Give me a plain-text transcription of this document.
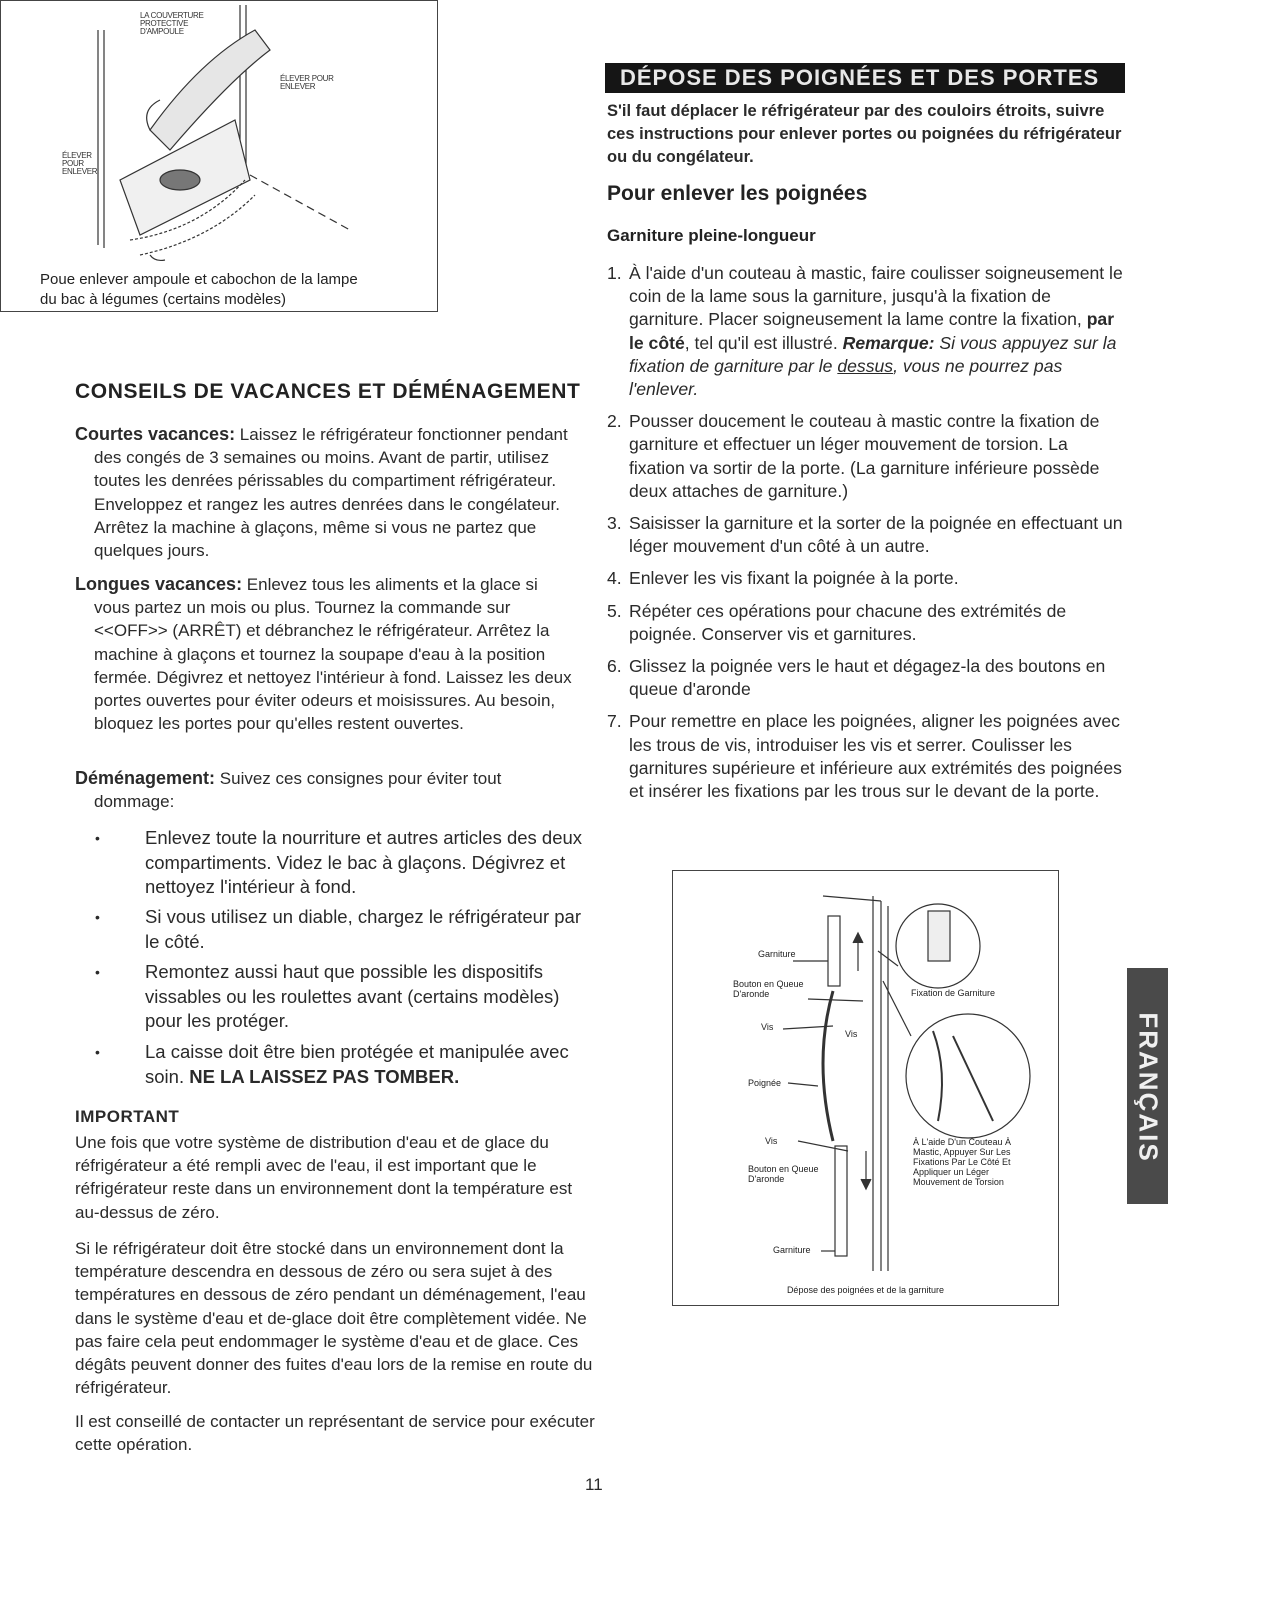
LA COUVERTURE PROTECTIVE D'AMPOULE
ÉLEVER POUR ENLEVER
ÉLEVER POUR ENLEVER
Poue enlever ampoule et cabochon de la lampe
du bac à légumes (certains modèles)
CONSEILS DE VACANCES ET DÉMÉNAGEMENT

Courtes vacances: Laissez le réfrigérateur fonctionner pendant des congés de 3 semaines ou moins. Avant de partir, utilisez toutes les denrées périssables du compartiment réfrigérateur. Enveloppez et rangez les autres denrées dans le congélateur. Arrêtez la machine à glaçons, même si vous ne partez que quelques jours.

Longues vacances: Enlevez tous les aliments et la glace si vous partez un mois ou plus. Tournez la commande sur <<OFF>> (ARRÊT) et débranchez le réfrigérateur. Arrêtez la machine à glaçons et tournez la soupape d'eau à la position fermée. Dégivrez et nettoyez l'intérieur à fond. Laissez les deux portes ouvertes pour éviter odeurs et moisissures. Au besoin, bloquez les portes pour qu'elles restent ouvertes.

Déménagement: Suivez ces consignes pour éviter tout dommage:

• Enlevez toute la nourriture et autres articles des deux compartiments. Videz le bac à glaçons. Dégivrez et nettoyez l'intérieur à fond.
• Si vous utilisez un diable, chargez le réfrigérateur par le côté.
• Remontez aussi haut que possible les dispositifs vissables ou les roulettes avant (certains modèles) pour les protéger.
• La caisse doit être bien protégée et manipulée avec soin. NE LA LAISSEZ PAS TOMBER.
IMPORTANT
Une fois que votre système de distribution d'eau et de glace du réfrigérateur a été rempli avec de l'eau, il est important que le réfrigérateur reste dans un environnement dont la température est au-dessus de zéro.
Si le réfrigérateur doit être stocké dans un environnement dont la température descendra en dessous de zéro ou sera sujet à des températures en dessous de zéro pendant un déménagement, l'eau dans le système d'eau et de-glace doit être complètement vidée. Ne pas faire cela peut endommager le système d'eau et de glace. Ces dégâts peuvent donner des fuites d'eau lors de la remise en route du réfrigérateur.
Il est conseillé de contacter un représentant de service pour exécuter cette opération.
DÉPOSE DES POIGNÉES ET DES PORTES
S'il faut déplacer le réfrigérateur par des couloirs étroits, suivre ces instructions pour enlever portes ou poignées du réfrigérateur ou du congélateur.
Pour enlever les poignées
Garniture pleine-longueur
1. À l'aide d'un couteau à mastic, faire coulisser soigneusement le coin de la lame sous la garniture, jusqu'à la fixation de garniture. Placer soigneusement la lame contre la fixation, par le côté, tel qu'il est illustré. Remarque: Si vous appuyez sur la fixation de garniture par le dessus, vous ne pourrez pas l'enlever.
2. Pousser doucement le couteau à mastic contre la fixation de garniture et effectuer un léger mouvement de torsion. La fixation va sortir de la porte. (La garniture inférieure possède deux attaches de garniture.)
3. Saisisser la garniture et la sorter de la poignée en effectuant un léger mouvement d'un côté à un autre.
4. Enlever les vis fixant la poignée à la porte.
5. Répéter ces opérations pour chacune des extrémités de poignée. Conserver vis et garnitures.
6. Glissez la poignée vers le haut et dégagez-la des boutons en queue d'aronde
7. Pour remettre en place les poignées, aligner les poignées avec les trous de vis, introduiser les vis et serrer. Coulisser les garnitures supérieure et inférieure aux extrémités des poignées et insérer les fixations par les trous sur le devant de la porte.
Garniture
Bouton en Queue D'aronde
Vis
Vis
Poignée
Vis
Bouton en Queue D'aronde
Garniture
Fixation de Garniture
À L'aide D'un Couteau À Mastic, Appuyer Sur Les Fixations Par Le Côté Et Appliquer un Léger Mouvement de Torsion
Dépose des poignées et de la garniture
FRANÇAIS
11
